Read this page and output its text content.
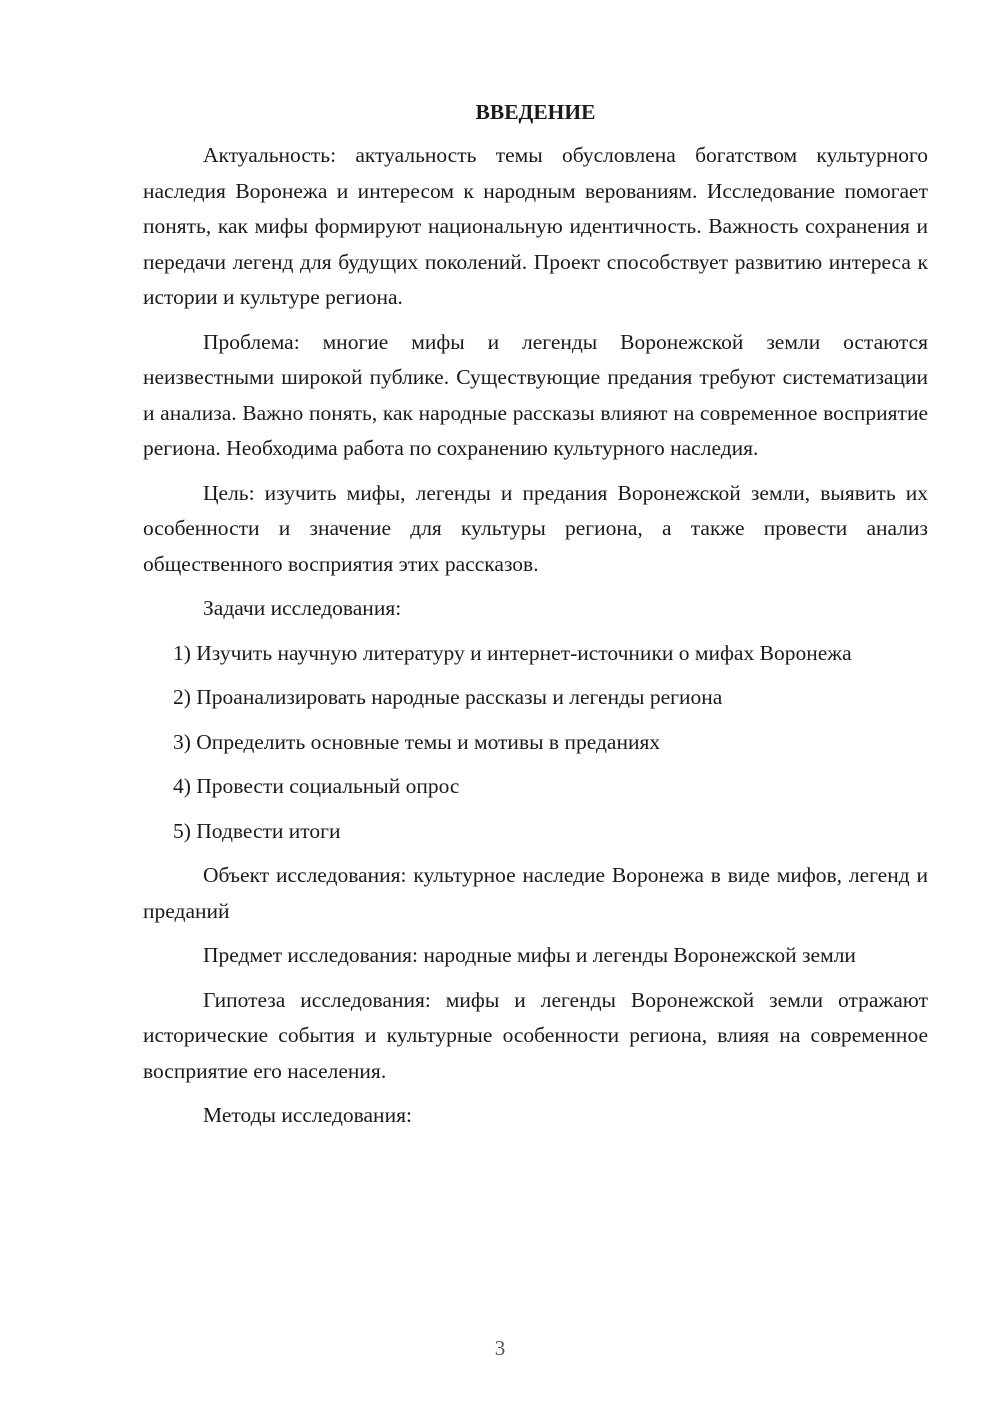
ВВЕДЕНИЕ

Актуальность: актуальность темы обусловлена богатством культурного наследия Воронежа и интересом к народным верованиям. Исследование помогает понять, как мифы формируют национальную идентичность. Важность сохранения и передачи легенд для будущих поколений. Проект способствует развитию интереса к истории и культуре региона.

Проблема: многие мифы и легенды Воронежской земли остаются неизвестными широкой публике. Существующие предания требуют систематизации и анализа. Важно понять, как народные рассказы влияют на современное восприятие региона. Необходима работа по сохранению культурного наследия.

Цель: изучить мифы, легенды и предания Воронежской земли, выявить их особенности и значение для культуры региона, а также провести анализ общественного восприятия этих рассказов.

Задачи исследования:

1) Изучить научную литературу и интернет-источники о мифах Воронежа
2) Проанализировать народные рассказы и легенды региона
3) Определить основные темы и мотивы в преданиях
4) Провести социальный опрос
5) Подвести итоги

Объект исследования: культурное наследие Воронежа в виде мифов, легенд и преданий

Предмет исследования: народные мифы и легенды Воронежской земли

Гипотеза исследования: мифы и легенды Воронежской земли отражают исторические события и культурные особенности региона, влияя на современное восприятие его населения.

Методы исследования:

3
